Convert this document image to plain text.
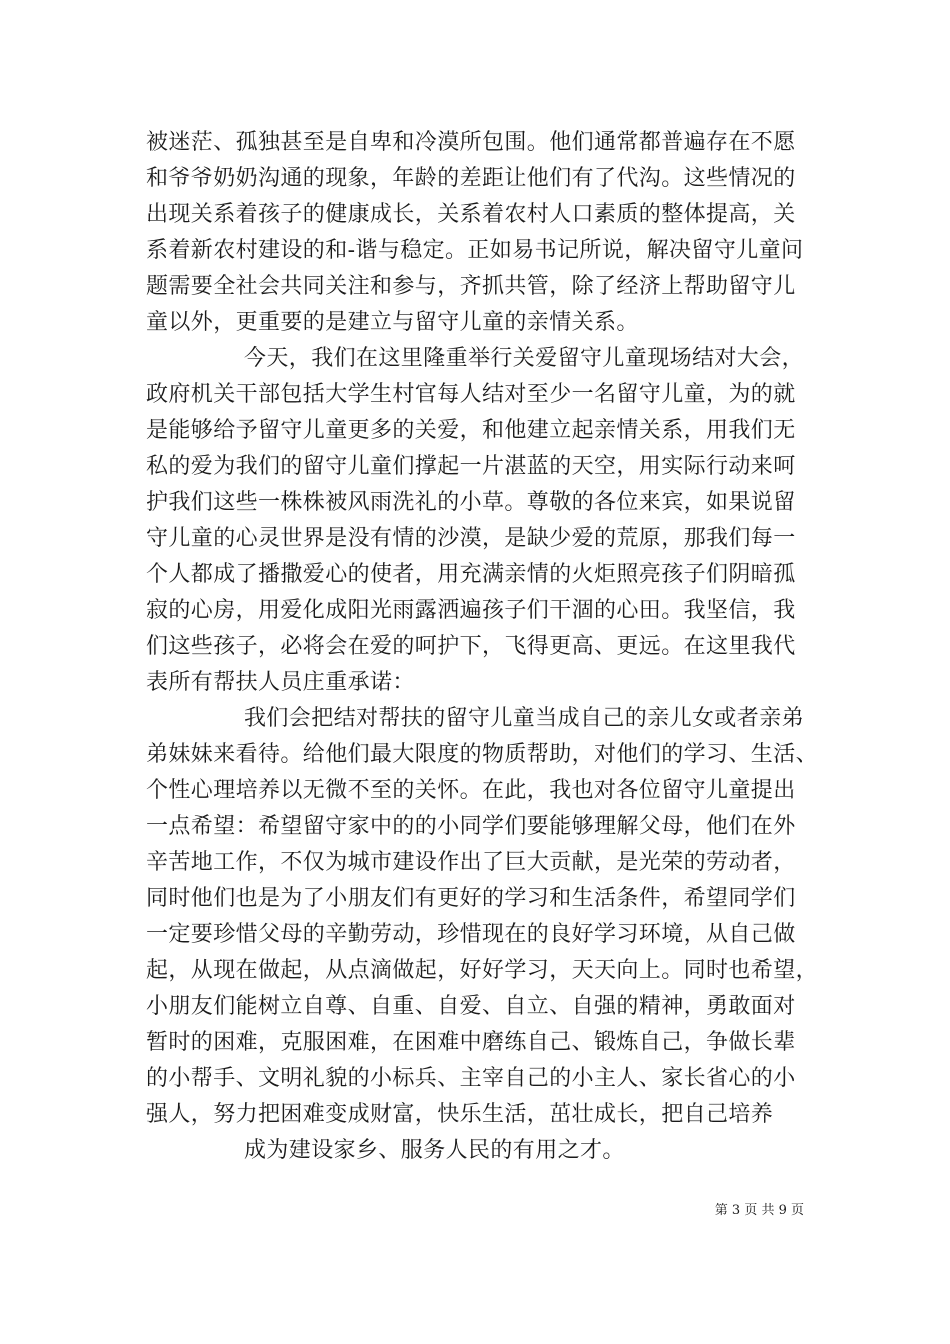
被迷茫、孤独甚至是自卑和冷漠所包围。他们通常都普遍存在不愿
和爷爷奶奶沟通的现象，年龄的差距让他们有了代沟。这些情况的
出现关系着孩子的健康成长，关系着农村人口素质的整体提高，关
系着新农村建设的和-谐与稳定。正如易书记所说，解决留守儿童问
题需要全社会共同关注和参与，齐抓共管，除了经济上帮助留守儿
童以外，更重要的是建立与留守儿童的亲情关系。
今天，我们在这里隆重举行关爱留守儿童现场结对大会，
政府机关干部包括大学生村官每人结对至少一名留守儿童，为的就
是能够给予留守儿童更多的关爱，和他建立起亲情关系，用我们无
私的爱为我们的留守儿童们撑起一片湛蓝的天空，用实际行动来呵
护我们这些一株株被风雨洗礼的小草。尊敬的各位来宾，如果说留
守儿童的心灵世界是没有情的沙漠，是缺少爱的荒原，那我们每一
个人都成了播撒爱心的使者，用充满亲情的火炬照亮孩子们阴暗孤
寂的心房，用爱化成阳光雨露洒遍孩子们干涸的心田。我坚信，我
们这些孩子，必将会在爱的呵护下，飞得更高、更远。在这里我代
表所有帮扶人员庄重承诺：
我们会把结对帮扶的留守儿童当成自己的亲儿女或者亲弟
弟妹妹来看待。给他们最大限度的物质帮助，对他们的学习、生活、
个性心理培养以无微不至的关怀。在此，我也对各位留守儿童提出
一点希望：希望留守家中的的小同学们要能够理解父母，他们在外
辛苦地工作，不仅为城市建设作出了巨大贡献，是光荣的劳动者，
同时他们也是为了小朋友们有更好的学习和生活条件，希望同学们
一定要珍惜父母的辛勤劳动，珍惜现在的良好学习环境，从自己做
起，从现在做起，从点滴做起，好好学习，天天向上。同时也希望，
小朋友们能树立自尊、自重、自爱、自立、自强的精神，勇敢面对
暂时的困难，克服困难，在困难中磨练自己、锻炼自己，争做长辈
的小帮手、文明礼貌的小标兵、主宰自己的小主人、家长省心的小
强人，努力把困难变成财富，快乐生活，茁壮成长，把自己培养
成为建设家乡、服务人民的有用之才。
第 3 页 共 9 页
